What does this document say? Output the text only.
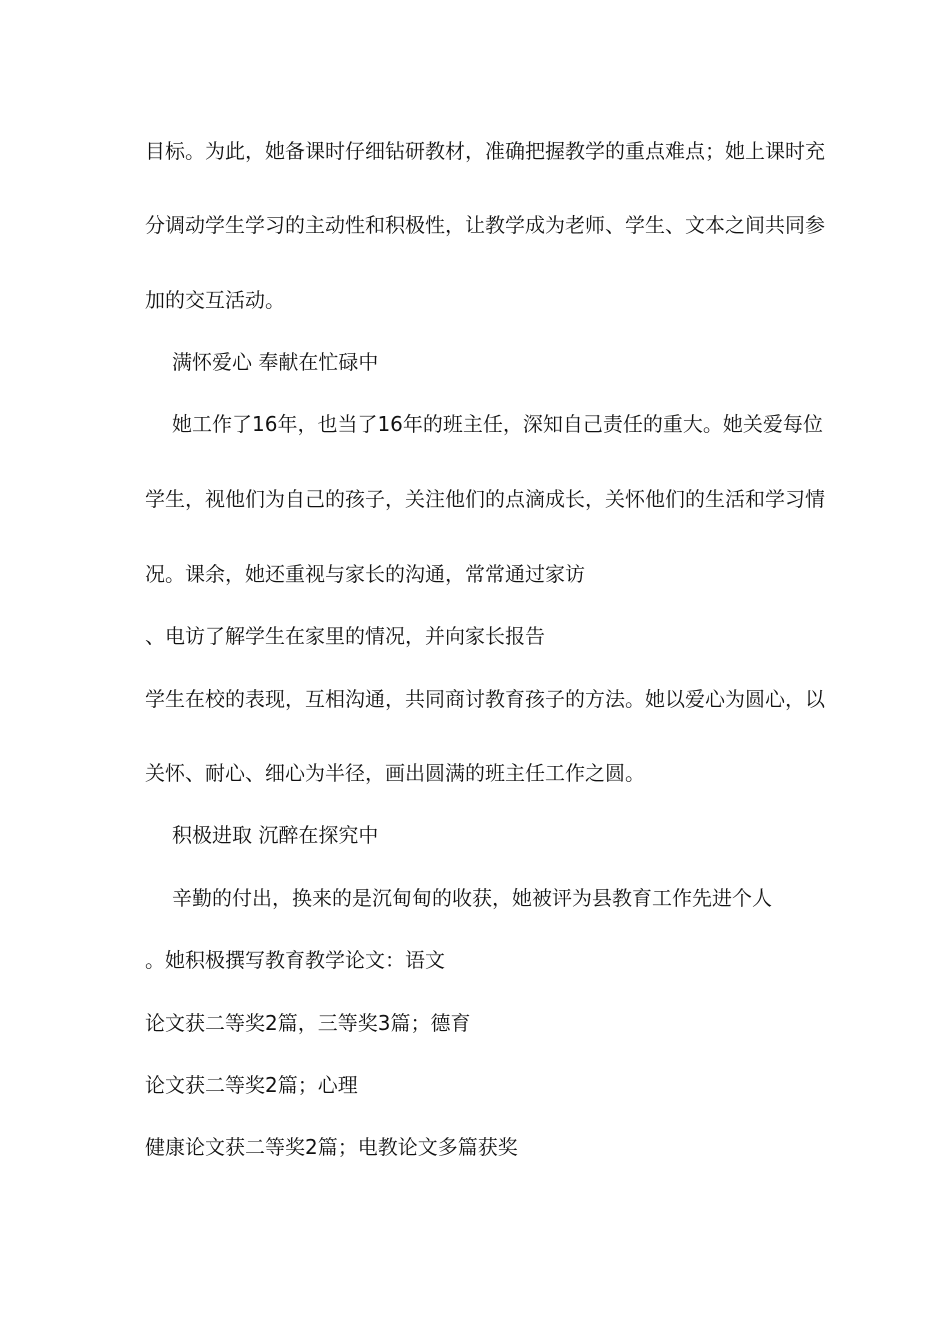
目标。为此，她备课时仔细钻研教材，准确把握教学的重点难点；她上课时充
分调动学生学习的主动性和积极性，让教学成为老师、学生、文本之间共同参
加的交互活动。
满怀爱心 奉献在忙碌中
她工作了16年，也当了16年的班主任，深知自己责任的重大。她关爱每位
学生，视他们为自己的孩子，关注他们的点滴成长，关怀他们的生活和学习情
况。课余，她还重视与家长的沟通，常常通过家访
、电访了解学生在家里的情况，并向家长报告
学生在校的表现，互相沟通，共同商讨教育孩子的方法。她以爱心为圆心，以
关怀、耐心、细心为半径，画出圆满的班主任工作之圆。
积极进取 沉醉在探究中
辛勤的付出，换来的是沉甸甸的收获，她被评为县教育工作先进个人
。她积极撰写教育教学论文：语文
论文获二等奖2篇，三等奖3篇；德育
论文获二等奖2篇；心理
健康论文获二等奖2篇；电教论文多篇获奖
